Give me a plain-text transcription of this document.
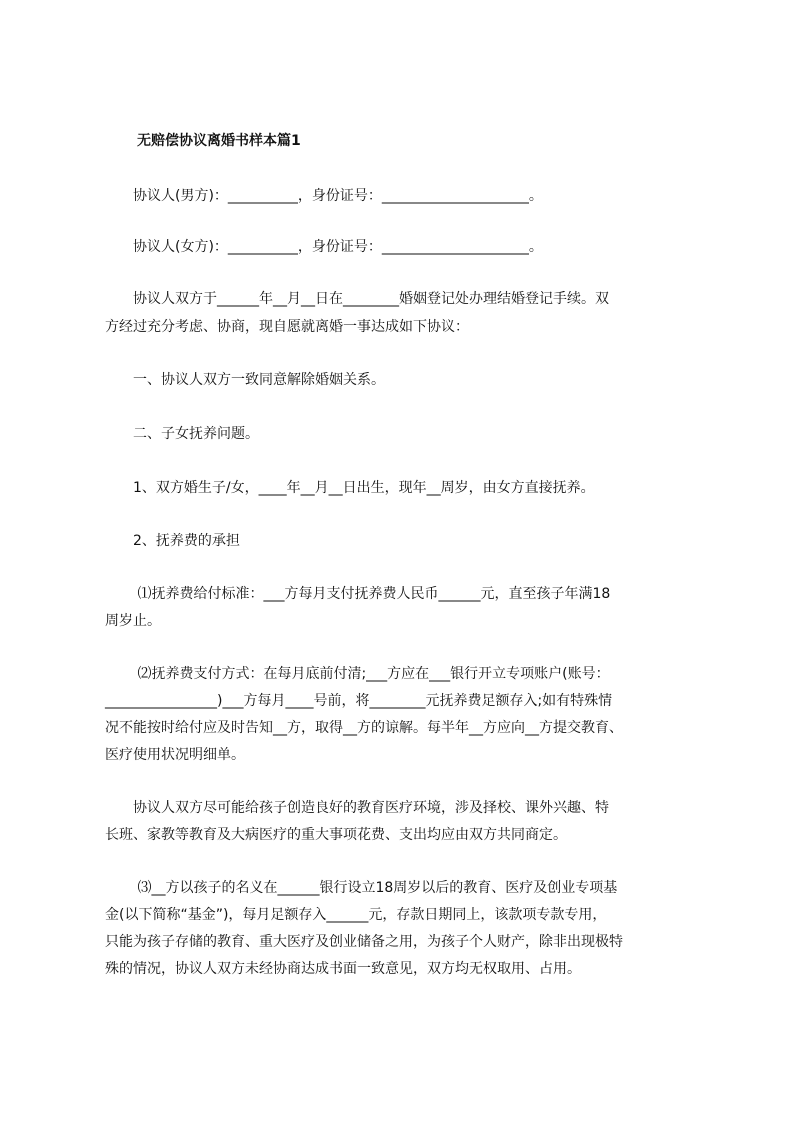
无赔偿协议离婚书样本篇1
　　协议人(男方)：__________，身份证号：_____________________。
　　协议人(女方)：__________，身份证号：_____________________。
　　协议人双方于______年__月__日在________婚姻登记处办理结婚登记手续。双
方经过充分考虑、协商，现自愿就离婚一事达成如下协议：
　　一、协议人双方一致同意解除婚姻关系。
　　二、子女抚养问题。
　　1、双方婚生子/女，____年__月__日出生，现年__周岁，由女方直接抚养。
　　2、抚养费的承担
　　 ⑴抚养费给付标准：___方每月支付抚养费人民币______元，直至孩子年满18
周岁止。
　　 ⑵抚养费支付方式：在每月底前付清;___方应在___银行开立专项账户(账号：
________________)___方每月____号前，将________元抚养费足额存入;如有特殊情
况不能按时给付应及时告知__方，取得__方的谅解。每半年__方应向__方提交教育、
医疗使用状况明细单。
　　协议人双方尽可能给孩子创造良好的教育医疗环境，涉及择校、课外兴趣、特
长班、家教等教育及大病医疗的重大事项花费、支出均应由双方共同商定。
　　 ⑶__方以孩子的名义在______银行设立18周岁以后的教育、医疗及创业专项基
金(以下简称“基金”)，每月足额存入______元，存款日期同上，该款项专款专用，
只能为孩子存储的教育、重大医疗及创业储备之用，为孩子个人财产，除非出现极特
殊的情况，协议人双方未经协商达成书面一致意见，双方均无权取用、占用。
